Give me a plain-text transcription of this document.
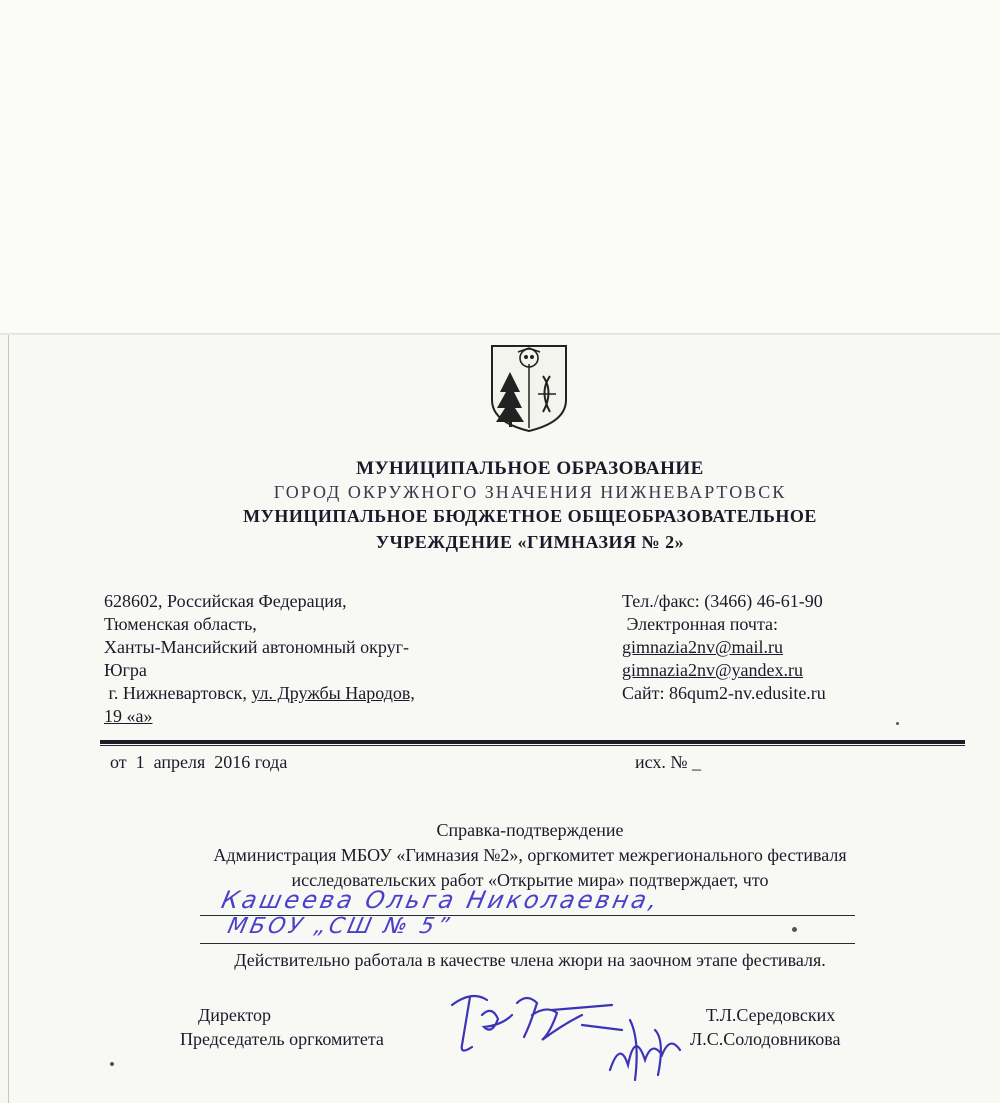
МУНИЦИПАЛЬНОЕ ОБРАЗОВАНИЕ
ГОРОД ОКРУЖНОГО ЗНАЧЕНИЯ НИЖНЕВАРТОВСК
МУНИЦИПАЛЬНОЕ БЮДЖЕТНОЕ ОБЩЕОБРАЗОВАТЕЛЬНОЕ
УЧРЕЖДЕНИЕ «ГИМНАЗИЯ № 2»
628602, Российская Федерация,
Тюменская область,
Ханты-Мансийский автономный округ-
Югра
г. Нижневартовск, ул. Дружбы Народов,
19 «а»
Тел./факс: (3466) 46-61-90
Электронная почта:
gimnazia2nv@mail.ru
gimnazia2nv@yandex.ru
Сайт: 86qum2-nv.edusite.ru
от  1  апреля  2016 года	исх. № _
Справка-подтверждение
Администрация МБОУ «Гимназия №2», оргкомитет межрегионального фестиваля
исследовательских работ «Открытие мира» подтверждает, что
Кашеева Ольга Николаевна,
МБОУ „СШ № 5”
Действительно работала в качестве члена жюри на заочном этапе фестиваля.
Директор
Председатель оргкомитета
Т.Л.Середовских
Л.С.Солодовникова
